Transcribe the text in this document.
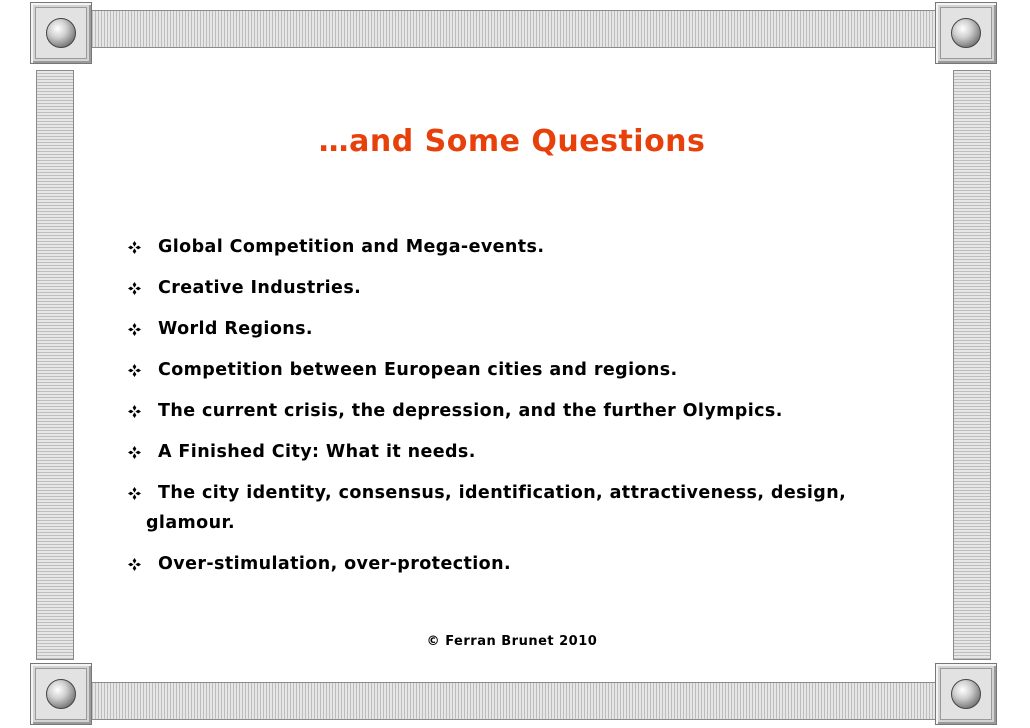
…and Some Questions
Global Competition and Mega-events.
Creative Industries.
World Regions.
Competition between European cities and regions.
The current crisis, the depression, and the further Olympics.
A Finished City: What it needs.
The city identity, consensus, identification, attractiveness, design,
glamour.
Over-stimulation, over-protection.
© Ferran Brunet 2010
